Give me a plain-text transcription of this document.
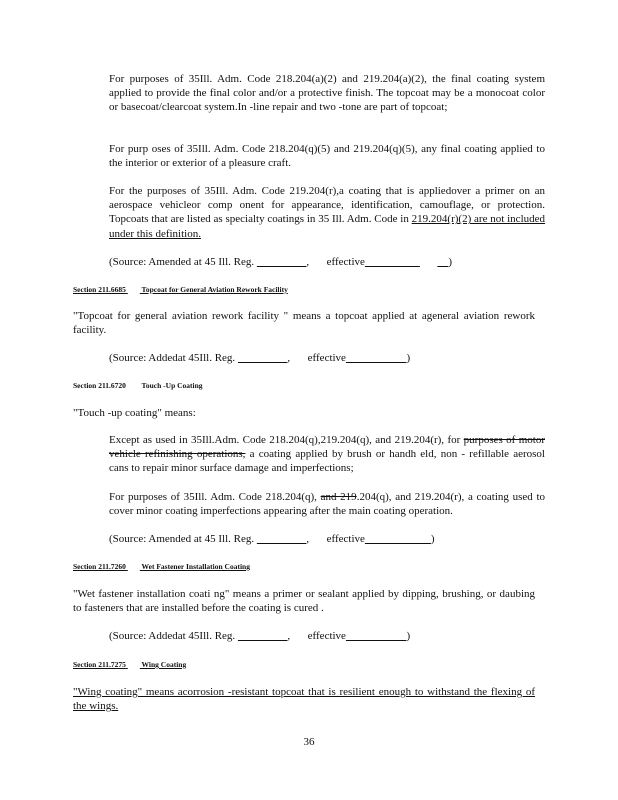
For purposes of 35Ill. Adm. Code 218.204(a)(2) and 219.204(a)(2), the final coating system applied to provide the final color and/or a protective finish. The topcoat may be a monocoat color or basecoat/clearcoat system.In -line repair and two -tone are part of topcoat;

For purp oses of 35Ill. Adm. Code 218.204(q)(5) and 219.204(q)(5), any final coating applied to the interior or exterior of a pleasure craft.

For the purposes of 35Ill. Adm. Code 219.204(r),a coating that is appliedover a primer on an aerospace vehicleor comp onent for appearance, identification, camouflage, or protection. Topcoats that are listed as specialty coatings in 35 Ill. Adm. Code in 219.204(r)(2) are not included under this definition.

(Source: Amended at 45 Ill. Reg.	,  effective	)

Section 211.6685 Topcoat for General Aviation Rework Facility

"Topcoat for general aviation rework facility " means a topcoat applied at ageneral aviation rework facility.

(Source: Addedat 45Ill. Reg.	,  effective	)

Section 211.6720 Touch -Up Coating

"Touch -up coating" means:

Except as used in 35Ill.Adm. Code 218.204(q),219.204(q), and 219.204(r), for purposes of motor vehicle refinishing operations, a coating applied by brush or handh eld, non - refillable aerosol cans to repair minor surface damage and imperfections;

For purposes of 35Ill. Adm. Code 218.204(q), and 219.204(q), and 219.204(r), a coating used to cover minor coating imperfections appearing after the main coating operation.

(Source: Amended at 45 Ill. Reg.	,  effective	)

Section 211.7260 Wet Fastener Installation Coating

"Wet fastener installation coati ng" means a primer or sealant applied by dipping, brushing, or daubing to fasteners that are installed before the coating is cured .

(Source: Addedat 45Ill. Reg.	,  effective	)

Section 211.7275 Wing Coating

"Wing coating" means acorrosion -resistant topcoat that is resilient enough to withstand the flexing of the wings.

36
